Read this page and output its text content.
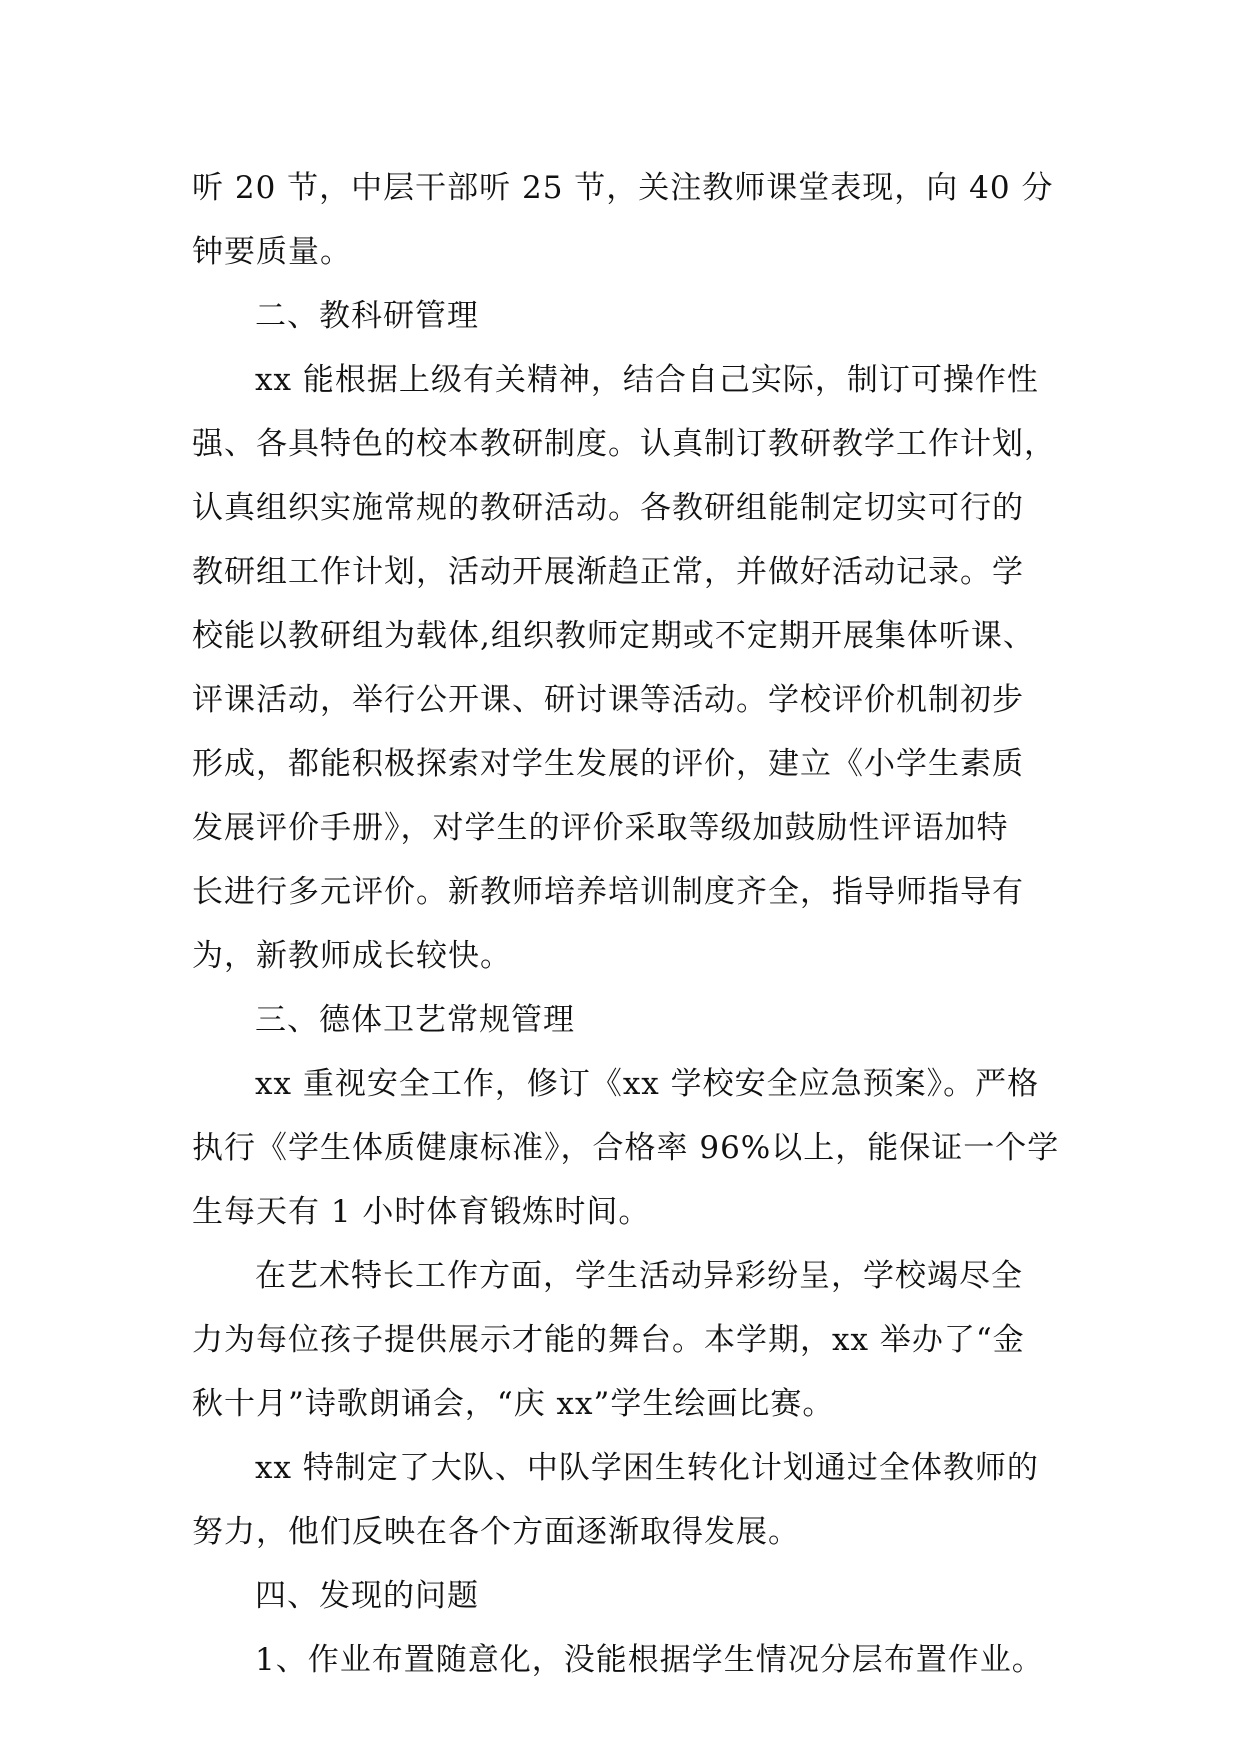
听 20 节，中层干部听 25 节，关注教师课堂表现，向 40 分
钟要质量。
二、教科研管理
xx 能根据上级有关精神，结合自己实际，制订可操作性
强、各具特色的校本教研制度。认真制订教研教学工作计划，
认真组织实施常规的教研活动。各教研组能制定切实可行的
教研组工作计划，活动开展渐趋正常，并做好活动记录。学
校能以教研组为载体,组织教师定期或不定期开展集体听课、
评课活动，举行公开课、研讨课等活动。学校评价机制初步
形成，都能积极探索对学生发展的评价，建立《小学生素质
发展评价手册》，对学生的评价采取等级加鼓励性评语加特
长进行多元评价。新教师培养培训制度齐全，指导师指导有
为，新教师成长较快。
三、德体卫艺常规管理
xx 重视安全工作，修订《xx 学校安全应急预案》。严格
执行《学生体质健康标准》，合格率 96%以上，能保证一个学
生每天有 1 小时体育锻炼时间。
在艺术特长工作方面，学生活动异彩纷呈，学校竭尽全
力为每位孩子提供展示才能的舞台。本学期，xx 举办了“金
秋十月”诗歌朗诵会，“庆 xx”学生绘画比赛。
xx 特制定了大队、中队学困生转化计划通过全体教师的
努力，他们反映在各个方面逐渐取得发展。
四、发现的问题
1、作业布置随意化，没能根据学生情况分层布置作业。
